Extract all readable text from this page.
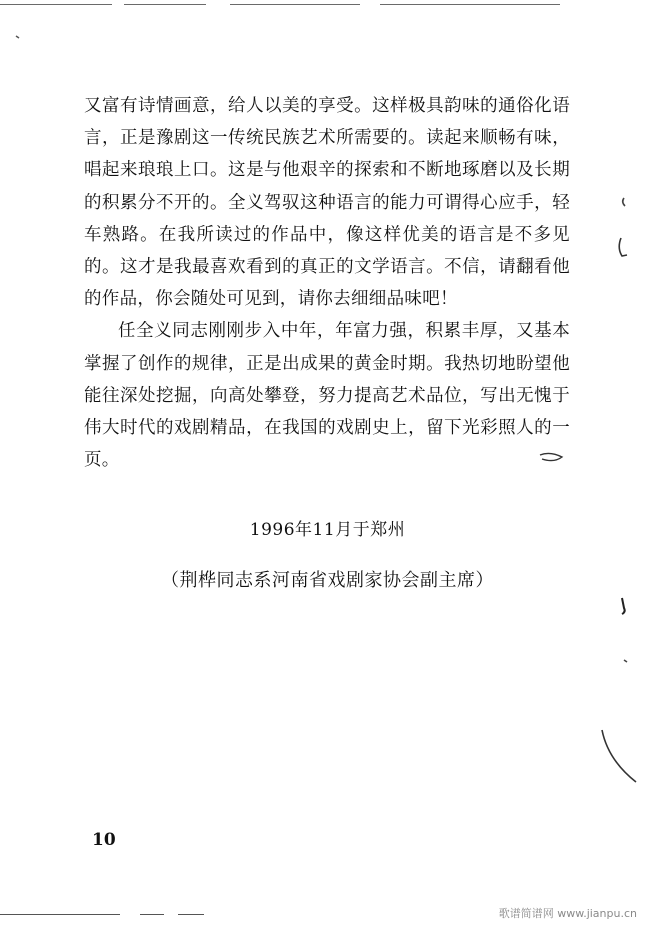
又富有诗情画意，给人以美的享受。这样极具韵味的通俗化语言，正是豫剧这一传统民族艺术所需要的。读起来顺畅有味，唱起来琅琅上口。这是与他艰辛的探索和不断地琢磨以及长期的积累分不开的。全义驾驭这种语言的能力可谓得心应手，轻车熟路。在我所读过的作品中，像这样优美的语言是不多见的。这才是我最喜欢看到的真正的文学语言。不信，请翻看他的作品，你会随处可见到，请你去细细品味吧！

任全义同志刚刚步入中年，年富力强，积累丰厚，又基本掌握了创作的规律，正是出成果的黄金时期。我热切地盼望他能往深处挖掘，向高处攀登，努力提高艺术品位，写出无愧于伟大时代的戏剧精品，在我国的戏剧史上，留下光彩照人的一页。

1996年11月于郑州
（荆桦同志系河南省戏剧家协会副主席）
10
歌谱简谱网 www.jianpu.cn
